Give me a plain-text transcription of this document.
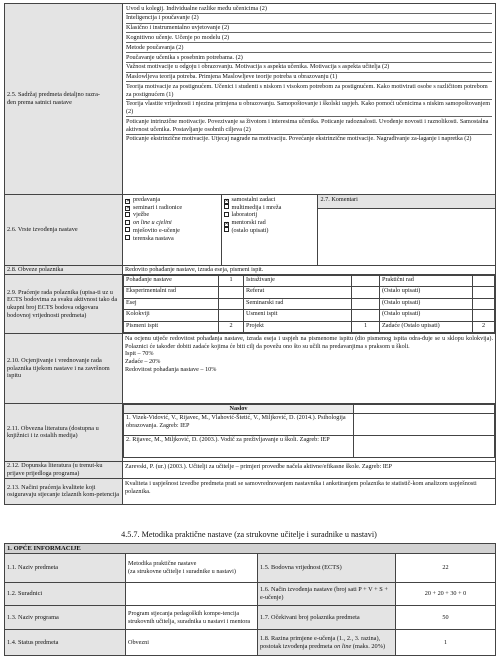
2.5. Sadržaj predmeta detaljno razra-
đen prema satnici nastave	
Uvod u kolegij. Individualne razlike među učenicima (2)
Inteligencija i poučavanje (2)
Klasično i instrumentalno uvjetovanje (2)
Kognitivno učenje. Učenje po modelu (2)
Metode poučavanja (2)
Poučavanje učenika s posebnim potrebama. (2)
Važnost motivacije u odgoju i obrazovanju. Motivacija s aspekta učenika. Motivacija s aspekta učitelja (2)
Maslowljeva teorija potreba. Primjena Maslowljeve teorije potreba u obrazovanju (1)
Teorija motivacije za postignućem. Učenici i studenti s niskom i visokom potrebom za postignućem. Kako motivirati osobe s različitom potrebom za postignućem (1)
Teorija vlastite vrijednosti i njezina primjena u obrazovanju. Samopoštovanje i školski uspjeh. Kako pomoći učenicima s niskim samopoštovanjem (2)
Poticanje intrinzične motivacije. Povezivanje sa životom i interesima učenika. Poticanje radoznalosti. Uvođenje novosti i raznolikosti. Samostalna aktivnost učenika. Postavljanje osobnih ciljeva (2)
Poticanje ekstrinzične motivacije. Utjecaj nagrade na motivaciju. Povećanje ekstrinzične motivacije. Nagrađivanje za-laganje i napretka (2)

2.6. Vrste izvođenja nastave	
✕ predavanja
✕ seminari i radionice
vježbe
on line u cjelini
mješovito e-učenje
terenska nastava

✕ samostalni zadaci
multimedija i mreža
laboratorij
✕ mentorski rad
(ostalo upisati)

2.7. Komentari

2.8. Obveze polaznika	Redovito pohađanje nastave, izrada eseja, pismeni ispit.
2.9. Praćenje rada polaznika (upisa-ti uz u ECTS bodovima za svaku aktivnost tako da ukupni broj ECTS bodova odgovara bodovnoj vrijednosti predmeta)	
Pohađanje nastave	1	Istraživanje		Praktični rad	
Eksperimentalni rad		Referat		(Ostalo upisati)	
Esej		Seminarski rad		(Ostalo upisati)	
Kolokviji		Usmeni ispit		(Ostalo upisati)	
Pismeni ispit	2	Projekt	1	Zadaće (Ostalo upisati)	2

2.10. Ocjenjivanje i vrednovanje rada polaznika tijekom nastave i na završnom ispitu	
Na ocjenu utječe redovitost pohađanja nastave, izrada eseja i uspjeh na pismenome ispitu (dio pismenog ispita odra-đuje se u sklopu kolokvija). Polaznici će također dobiti zadaće kojima će biti cilj da povežu ono što su učili na predavanjima s praksom u školi.
Ispit – 70%
Zadaće – 20%
Redovitost pohađanja nastave – 10%

2.11. Obvezna literatura (dostupna u knjižnici i iz ostalih medija)	
Naslov	
1. Vizek-Vidović, V., Rijavec, M., Vlahović-Štetić, V., Miljković, D. (2014.). Psihologija obrazovanja. Zagreb: IEP	
2. Rijavec, M., Miljković, D. (2003.). Vodič za preživljavanje u školi. Zagreb: IEP	

2.12. Dopunska literatura (u trenut-ku prijave prijedloga programa)	Zarevski, P. (ur.) (2003.). Učitelji za učitelje – primjeri provedbe načela aktivne/efikasne škole. Zagreb: IEP
2.13. Načini praćenja kvalitete koji osiguravaju stjecanje izlaznih kom-petencija	Kvaliteta i uspješnost izvedbe predmeta prati se samovrednovanjem nastavnika i anketiranjem polaznika te statistič-kom analizom uspješnosti polaznika.
4.5.7. Metodika praktične nastave (za strukovne učitelje i suradnike u nastavi)
1. OPĆE INFORMACIJE			
1.1. Naziv predmeta	Metodika praktične nastave
(za strukovne učitelje i suradnike u nastavi)	1.5. Bodovna vrijednost (ECTS)	22
1.2. Suradnici		1.6. Način izvođenja nastave (broj sati P + V + S + e-učenje)	20 + 20 + 30 + 0
1.3. Naziv programa	Program stjecanja pedagoških kompe-tencija strukovnih učitelja, suradnika u nastavi i mentora	1.7. Očekivani broj polaznika predmeta	50
1.4. Status predmeta	Obvezni	1.8. Razina primjene e-učenja (1., 2., 3. razina), postotak izvođenja predmeta on line (maks. 20%)	1
